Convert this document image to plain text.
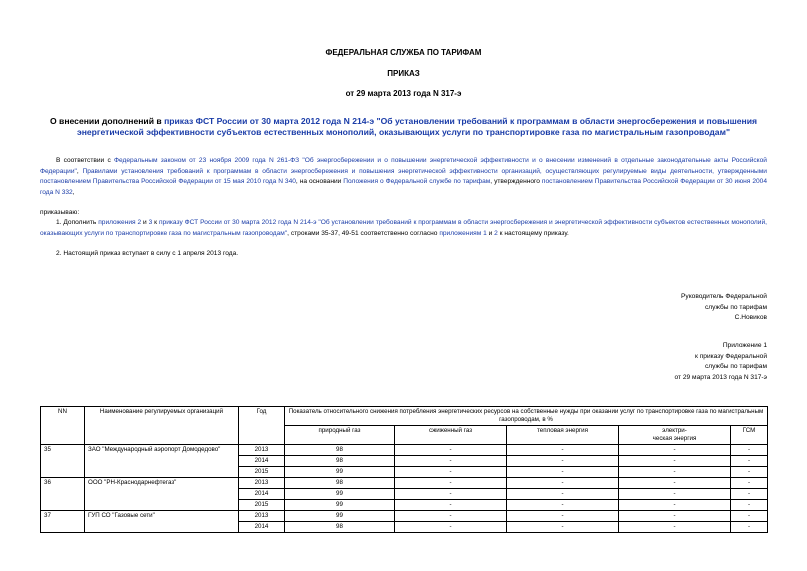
ФЕДЕРАЛЬНАЯ СЛУЖБА ПО ТАРИФАМ
ПРИКАЗ
от 29 марта 2013 года N 317-э
О внесении дополнений в приказ ФСТ России от 30 марта 2012 года N 214-э "Об установлении требований к программам в области энергосбережения и повышения энергетической эффективности субъектов естественных монополий, оказывающих услуги по транспортировке газа по магистральным газопроводам"
В соответствии с Федеральным законом от 23 ноября 2009 года N 261-ФЗ "Об энергосбережении и о повышении энергетической эффективности и о внесении изменений в отдельные законодательные акты Российской Федерации", Правилами установления требований к программам в области энергосбережения и повышения энергетической эффективности организаций, осуществляющих регулируемые виды деятельности, утвержденными постановлением Правительства Российской Федерации от 15 мая 2010 года N 340, на основании Положения о Федеральной службе по тарифам, утвержденного постановлением Правительства Российской Федерации от 30 июня 2004 года N 332,
приказываю:
1. Дополнить приложения 2 и 3 к приказу ФСТ России от 30 марта 2012 года N 214-э "Об установлении требований к программам в области энергосбережения и энергетической эффективности субъектов естественных монополий, оказывающих услуги по транспортировке газа по магистральным газопроводам", строками 35-37, 49-51 соответственно согласно приложениям 1 и 2 к настоящему приказу.
2. Настоящий приказ вступает в силу с 1 апреля 2013 года.
Руководитель Федеральной
службы по тарифам
С.Новиков
Приложение 1
к приказу Федеральной
службы по тарифам
от 29 марта 2013 года N 317-э
NN	Наименование регулируемых организаций	Год	Показатель относительного снижения потребления энергетических ресурсов на собственные нужды при оказании услуг по транспортировке газа по магистральным газопроводам, в %				
			природный газ	сжиженный газ	тепловая энергия	электри-
ческая энергия	ГСМ
35	ЗАО "Международный аэропорт Домодедово"	2013	98	-	-	-	-
		2014	98	-	-	-	-
		2015	99	-	-	-	-
36	ООО "РН-Краснодарнефтегаз"	2013	98	-	-	-	-
		2014	99	-	-	-	-
		2015	99	-	-	-	-
37	ГУП СО "Газовые сети"	2013	99	-	-	-	-
		2014	98	-	-	-	-
